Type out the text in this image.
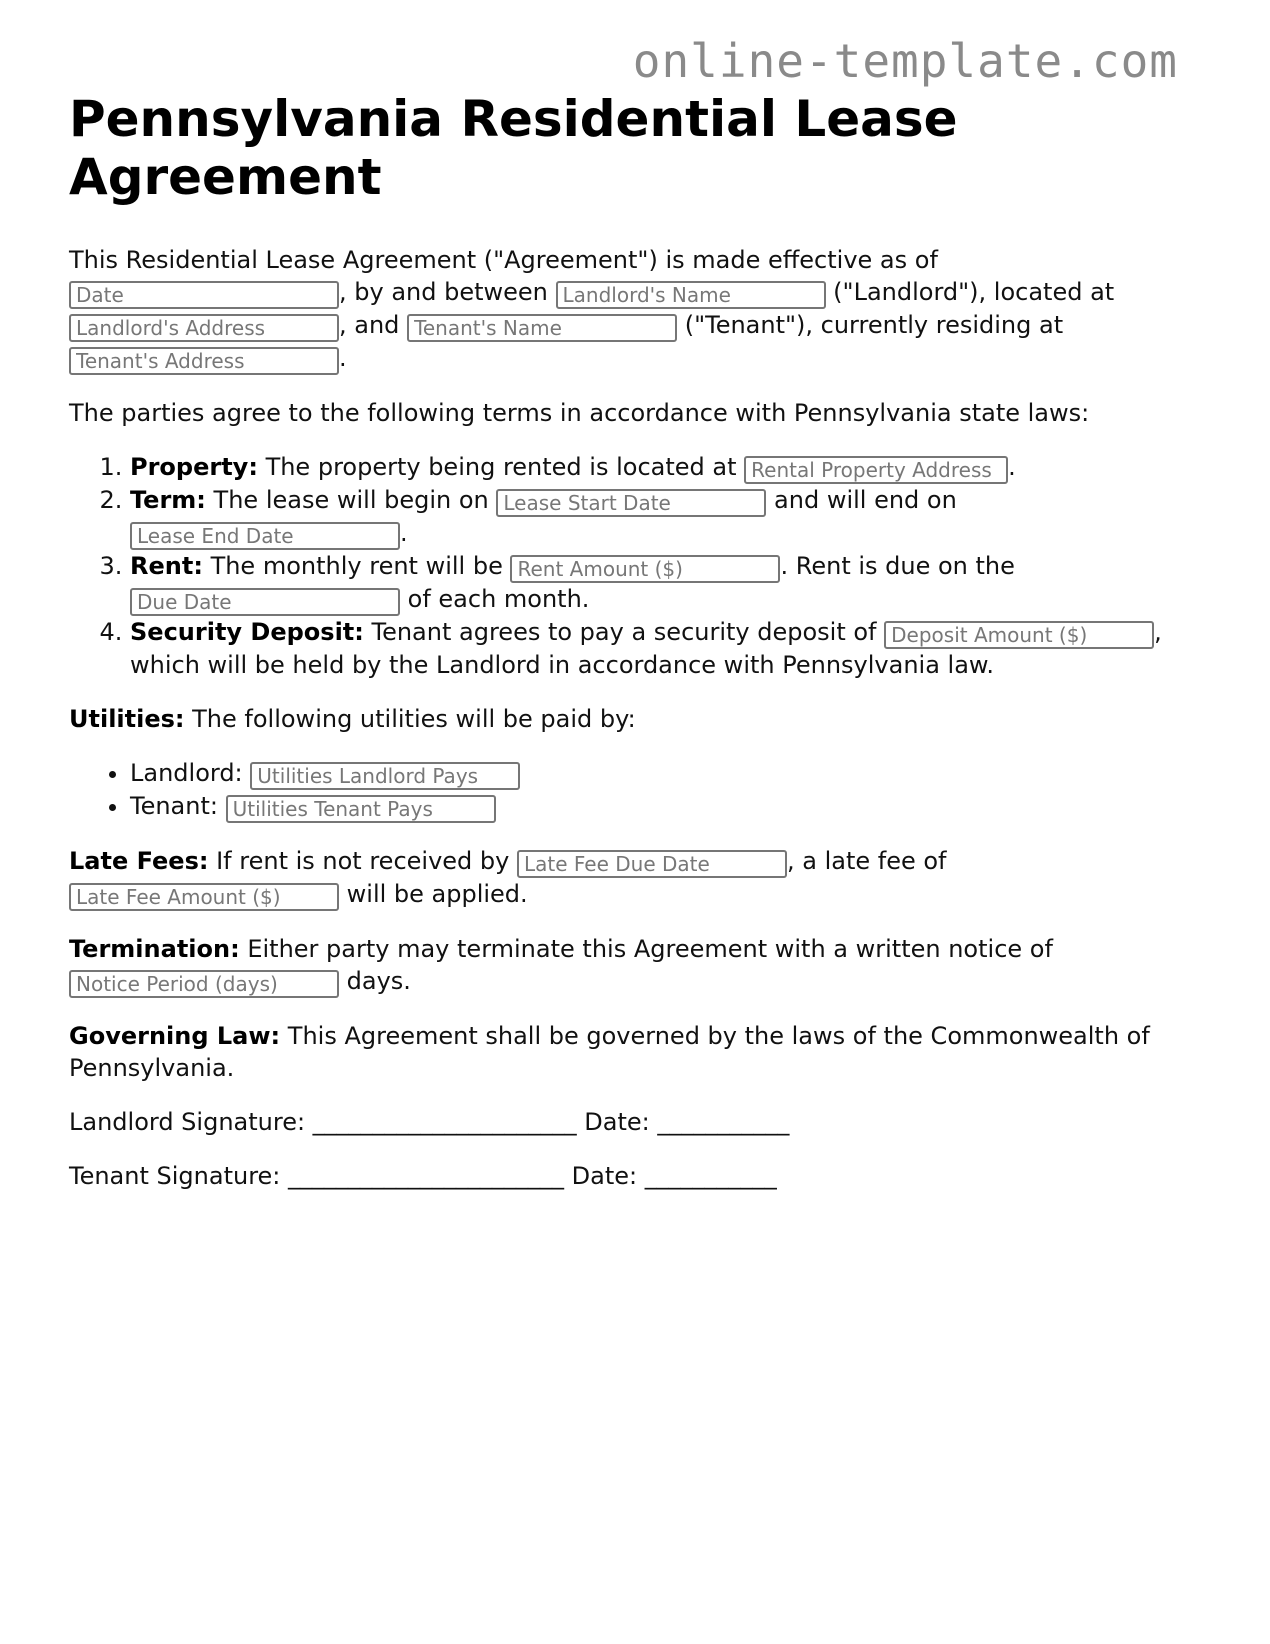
online-template.com
Pennsylvania Residential Lease Agreement

This Residential Lease Agreement ("Agreement") is made effective as of
Date, by and between Landlord's Name	("Landlord"), located at
Landlord's Address, and Tenant's Name	("Tenant"), currently residing at
Tenant's Address.

The parties agree to the following terms in accordance with Pennsylvania state laws:

1. Property: The property being rented is located at Rental Property Address	.
2. Term: The lease will begin on Lease Start Date	and will end on
Lease End Date.
3. Rent: The monthly rent will be Rent Amount ($)	. Rent is due on the
Due Date of each month.
4. Security Deposit: Tenant agrees to pay a security deposit of Deposit Amount ($)	, which will be held by the Landlord in accordance with Pennsylvania law.

Utilities: The following utilities will be paid by:

• Landlord: Utilities Landlord Pays
• Tenant: Utilities Tenant Pays

Late Fees: If rent is not received by Late Fee Due Date	, a late fee of
Late Fee Amount ($) will be applied.

Termination: Either party may terminate this Agreement with a written notice of
Notice Period (days) days.

Governing Law: This Agreement shall be governed by the laws of the Commonwealth of Pennsylvania.

Landlord Signature: ______________________ Date: ___________

Tenant Signature: _______________________ Date: ___________
